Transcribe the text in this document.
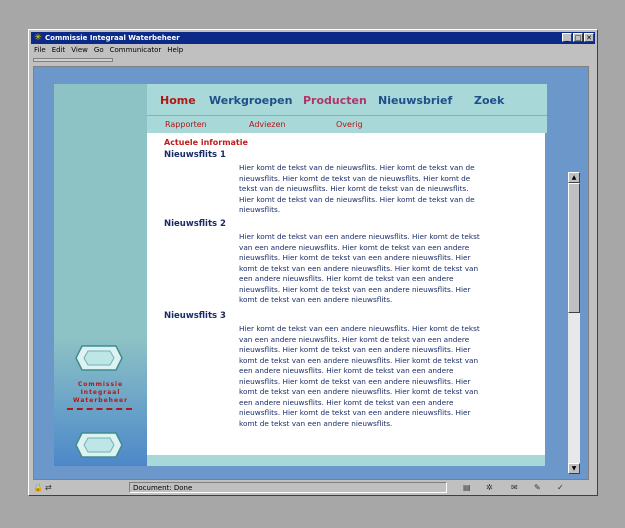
✳ Commissie Integraal Waterbeheer	_ □ ✕
File Edit View Go Communicator Help
Commissie
Integraal
Waterbeheer
Home Werkgroepen Producten Nieuwsbrief Zoek
Rapporten	Adviezen	Overig
Actuele informatie
Nieuwsflits 1
Hier komt de tekst van de nieuwsflits. Hier komt de tekst van de
nieuwsflits. Hier komt de tekst van de nieuwsflits. Hier komt de
tekst van de nieuwsflits. Hier komt de tekst van de nieuwsflits.
Hier komt de tekst van de nieuwsflits. Hier komt de tekst van de
nieuwsflits.
Nieuwsflits 2
Hier komt de tekst van een andere nieuwsflits. Hier komt de tekst
van een andere nieuwsflits. Hier komt de tekst van een andere
nieuwsflits. Hier komt de tekst van een andere nieuwsflits. Hier
komt de tekst van een andere nieuwsflits. Hier komt de tekst van
een andere nieuwsflits. Hier komt de tekst van een andere
nieuwsflits. Hier komt de tekst van een andere nieuwsflits. Hier
komt de tekst van een andere nieuwsflits.
Nieuwsflits 3
Hier komt de tekst van een andere nieuwsflits. Hier komt de tekst
van een andere nieuwsflits. Hier komt de tekst van een andere
nieuwsflits. Hier komt de tekst van een andere nieuwsflits. Hier
komt de tekst van een andere nieuwsflits. Hier komt de tekst van
een andere nieuwsflits. Hier komt de tekst van een andere
nieuwsflits. Hier komt de tekst van een andere nieuwsflits. Hier
komt de tekst van een andere nieuwsflits. Hier komt de tekst van
een andere nieuwsflits. Hier komt de tekst van een andere
nieuwsflits. Hier komt de tekst van een andere nieuwsflits. Hier
komt de tekst van een andere nieuwsflits.
▲
▼
🔒 ⇄	Document: Done	▤ ✲ ✉ ✎ ✓
